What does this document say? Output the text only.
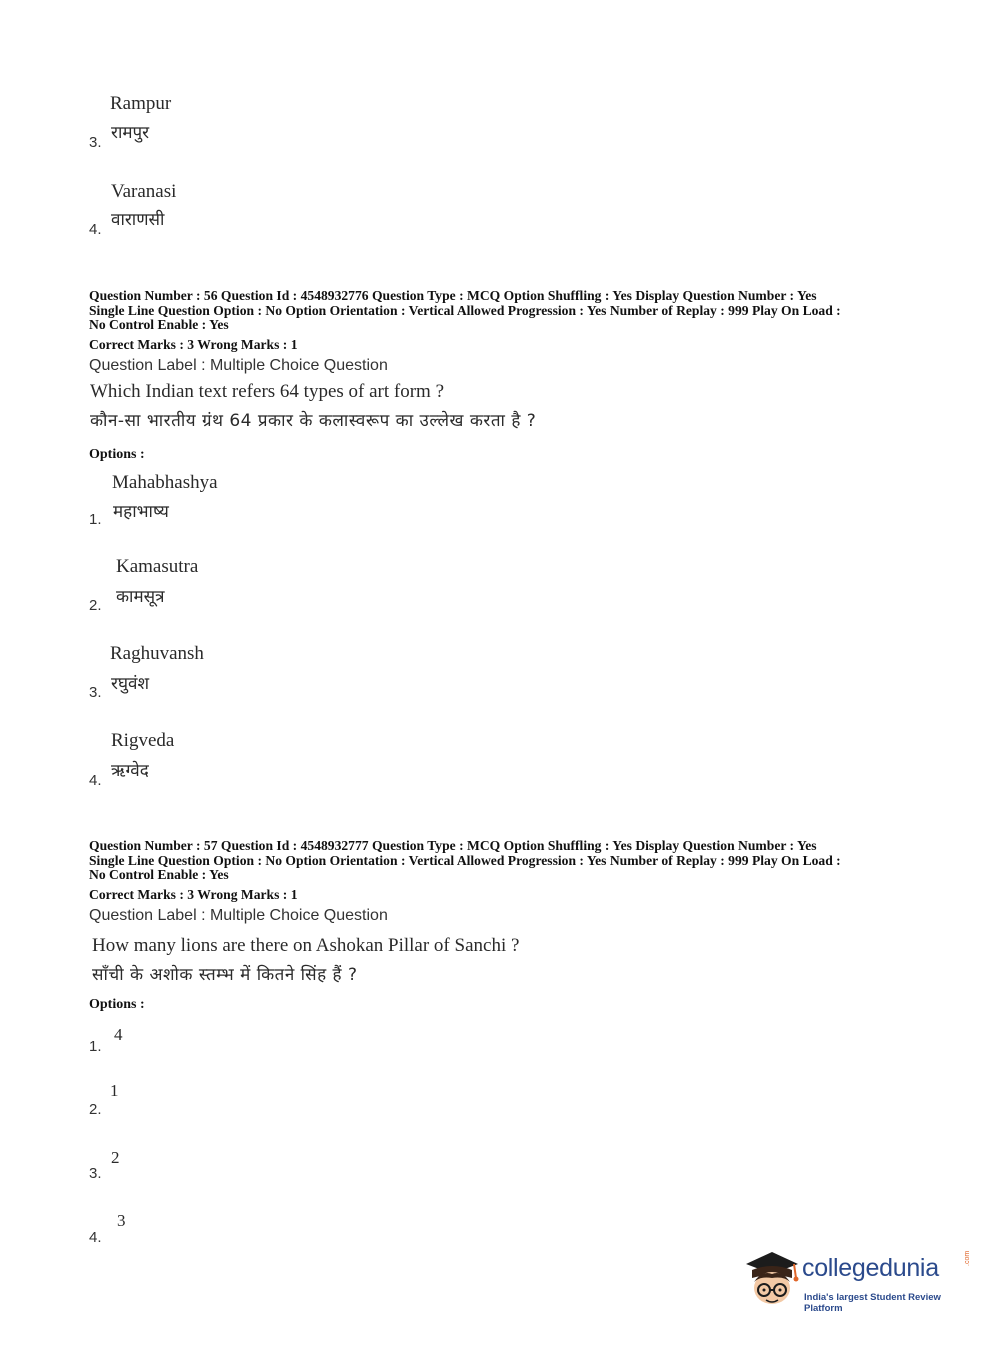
Rampur
रामपुर
3.
Varanasi
वाराणसी
4.
Question Number : 56 Question Id : 4548932776 Question Type : MCQ Option Shuffling : Yes Display Question Number : Yes
Single Line Question Option : No Option Orientation : Vertical Allowed Progression : Yes Number of Replay : 999 Play On Load :
No Control Enable : Yes
Correct Marks : 3 Wrong Marks : 1
Question Label : Multiple Choice Question
Which Indian text refers 64 types of art form ?
कौन-सा भारतीय ग्रंथ 64 प्रकार के कलास्वरूप का उल्लेख करता है ?
Options :
Mahabhashya
महाभाष्य
1.
Kamasutra
कामसूत्र
2.
Raghuvansh
रघुवंश
3.
Rigveda
ऋग्वेद
4.
Question Number : 57 Question Id : 4548932777 Question Type : MCQ Option Shuffling : Yes Display Question Number : Yes
Single Line Question Option : No Option Orientation : Vertical Allowed Progression : Yes Number of Replay : 999 Play On Load :
No Control Enable : Yes
Correct Marks : 3 Wrong Marks : 1
Question Label : Multiple Choice Question
How many lions are there on Ashokan Pillar of Sanchi ?
साँची के अशोक स्तम्भ में कितने सिंह हैं ?
Options :
4
1.
1
2.
2
3.
3
4.
collegedunia	.com
India's largest Student Review Platform
